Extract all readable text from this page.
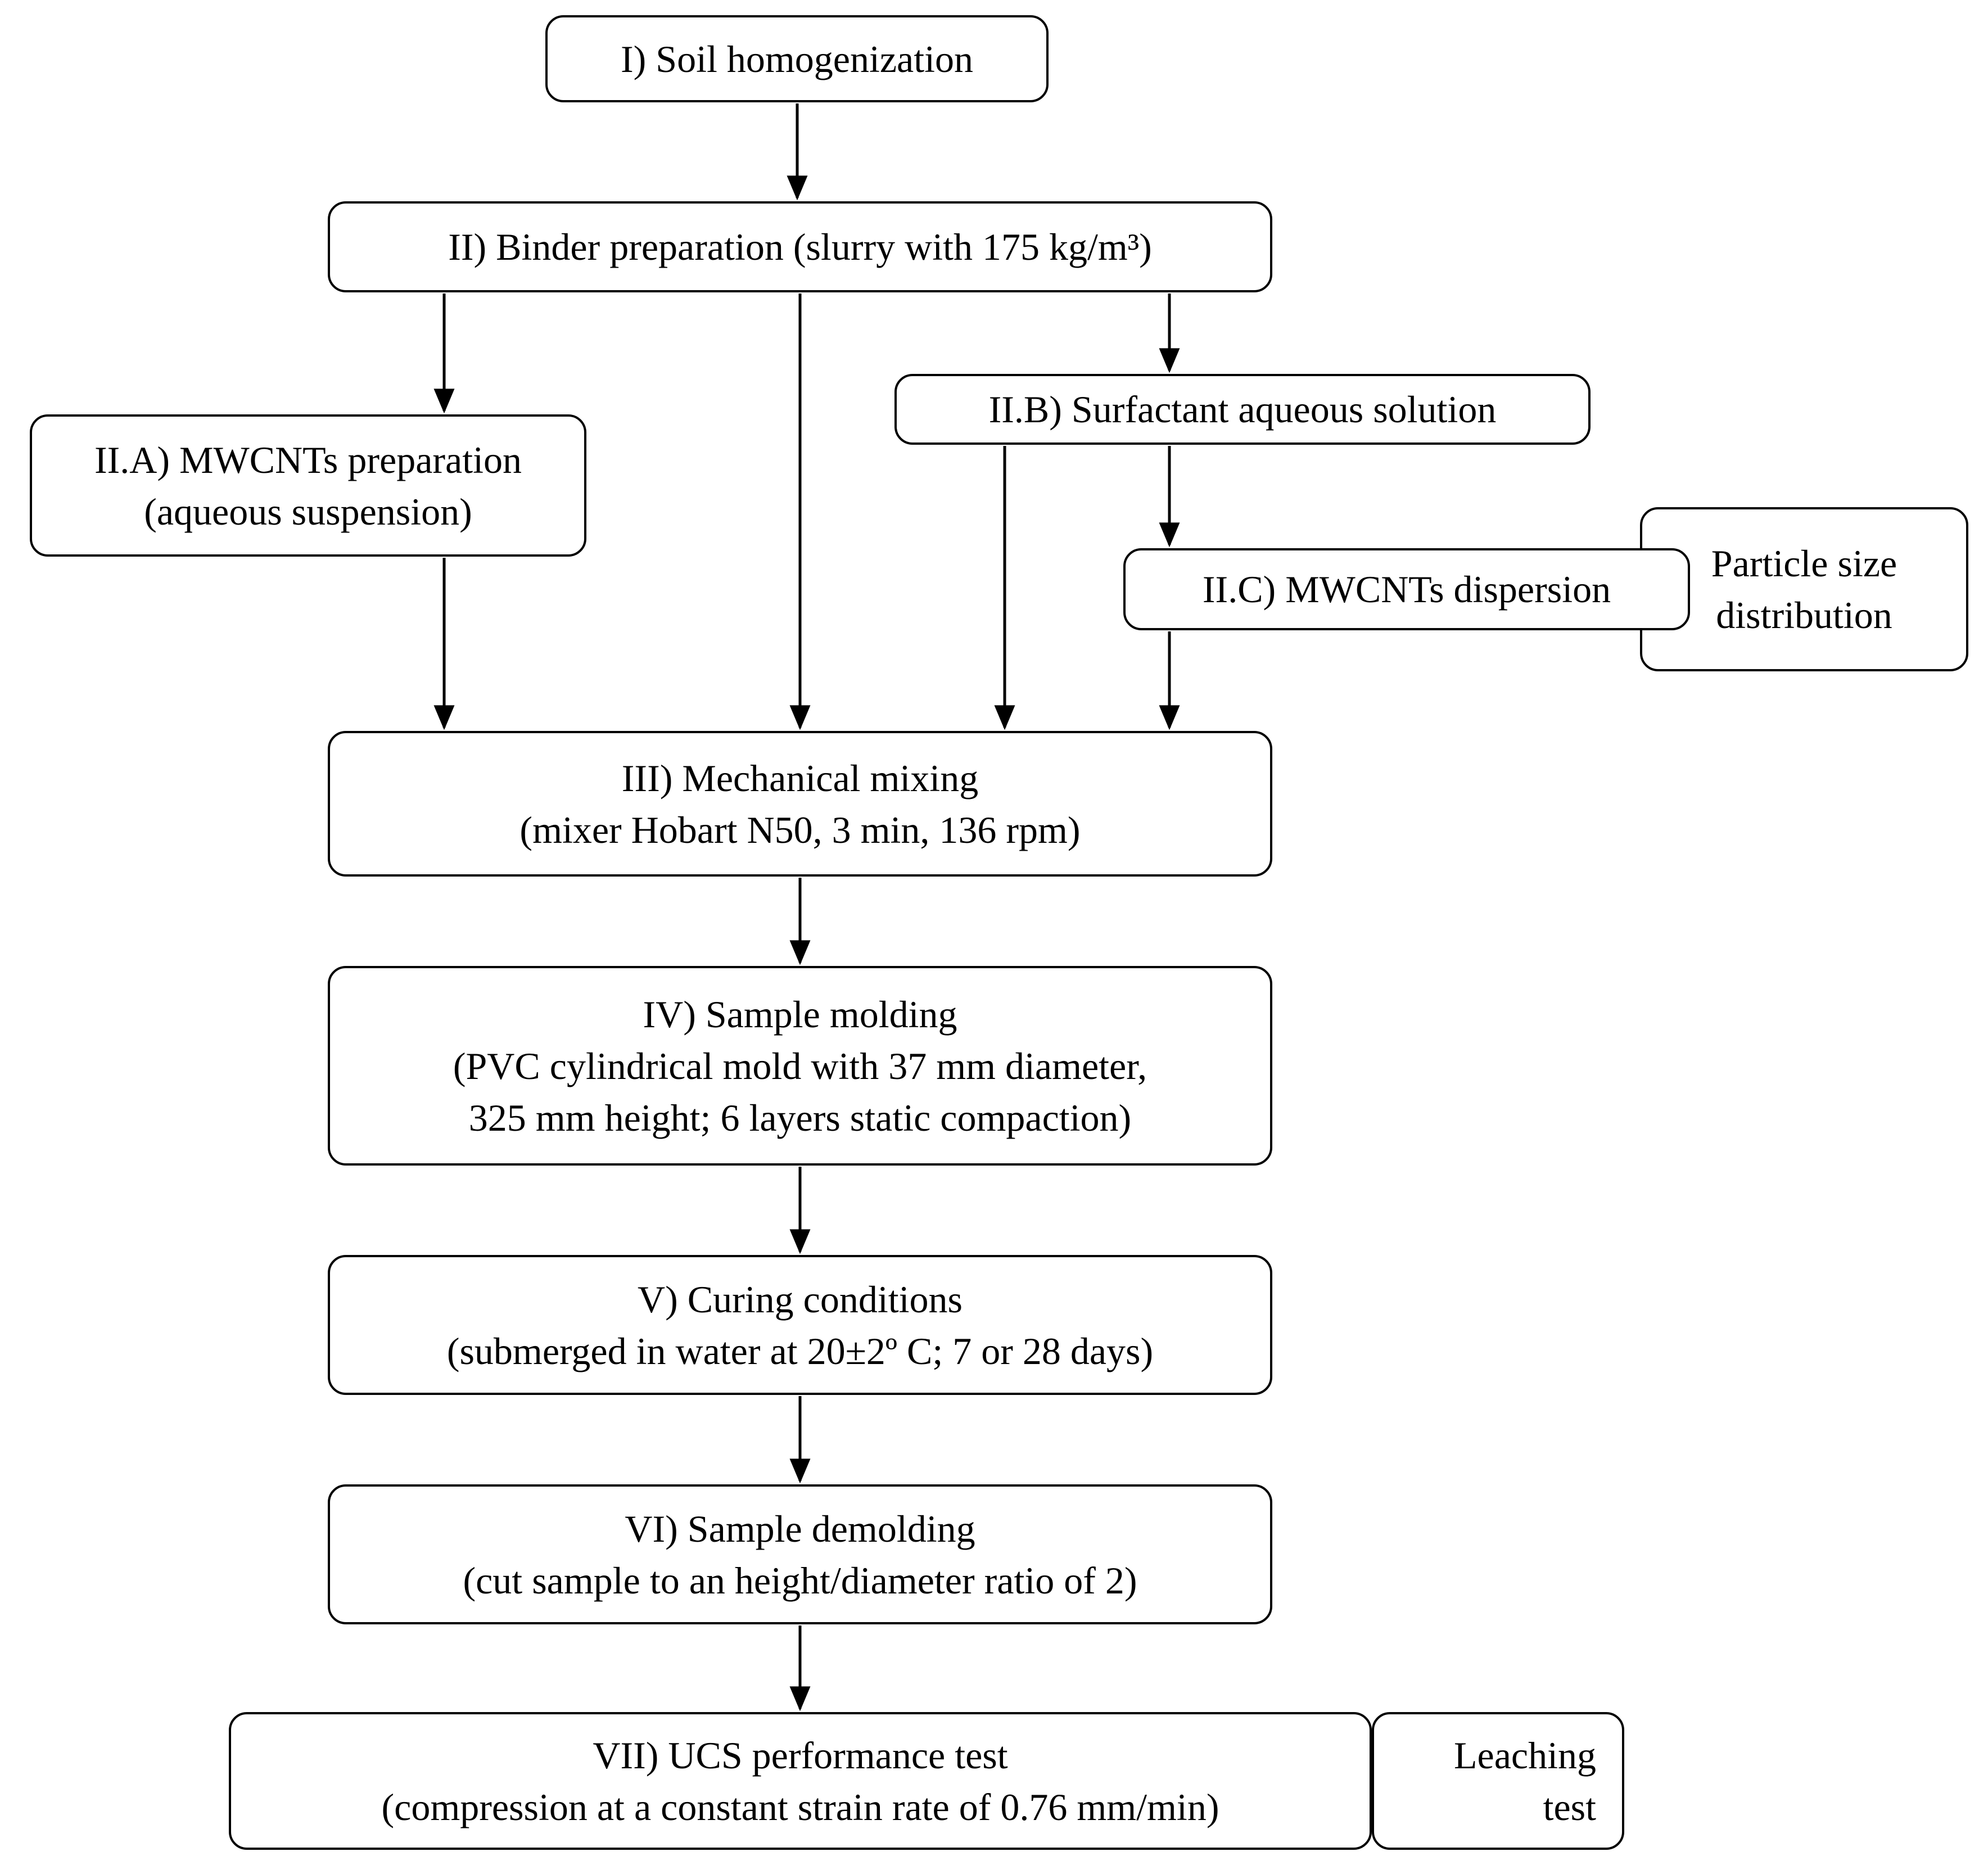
Particle size
distribution
Leaching
test
I) Soil homogenization
II) Binder preparation (slurry with 175 kg/m³)
II.A) MWCNTs preparation
(aqueous suspension)
II.B) Surfactant aqueous solution
II.C) MWCNTs dispersion
III) Mechanical mixing
(mixer Hobart N50, 3 min, 136 rpm)
IV) Sample molding
(PVC cylindrical mold with 37 mm diameter,
325 mm height; 6 layers static compaction)
V) Curing conditions
(submerged in water at 20±2º C; 7 or 28 days)
VI) Sample demolding
(cut sample to an height/diameter ratio of 2)
VII) UCS performance test
(compression at a constant strain rate of 0.76 mm/min)
